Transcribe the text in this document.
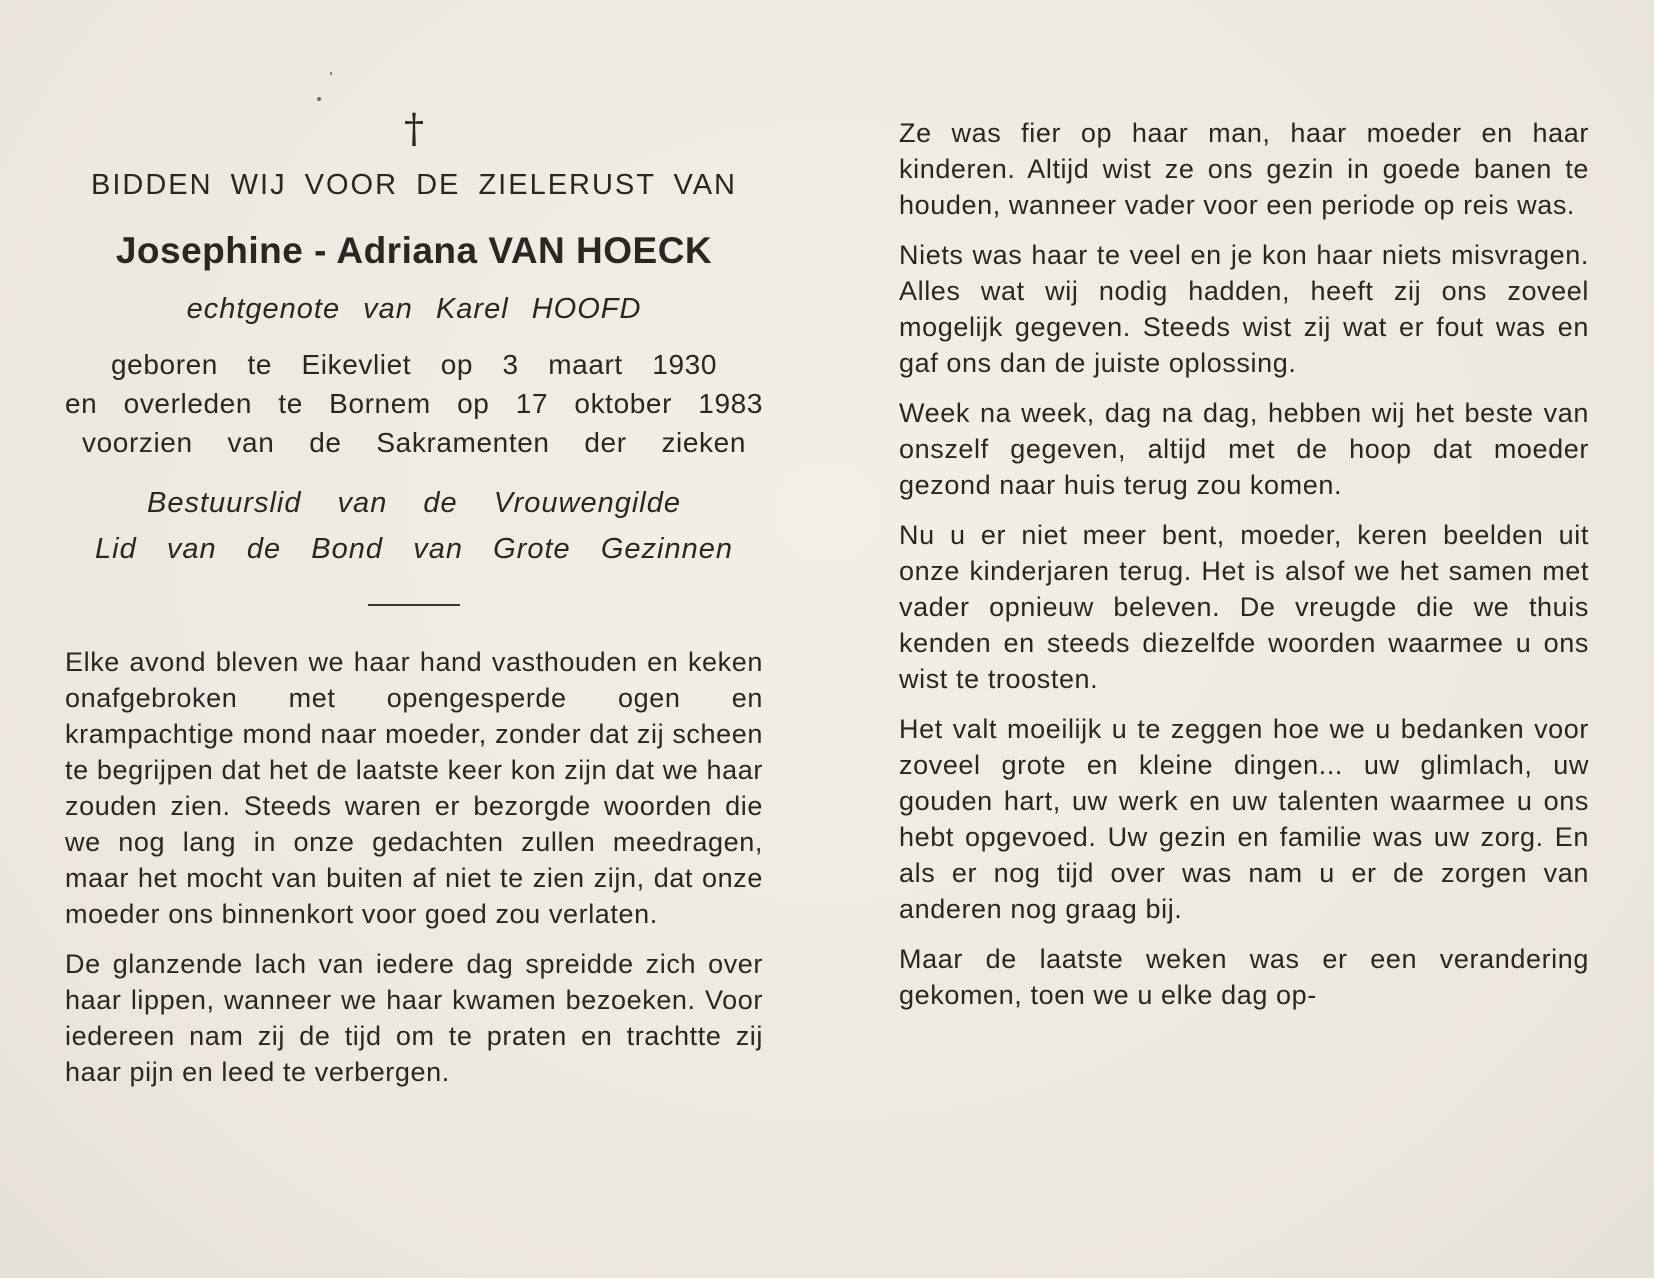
†
BIDDEN WIJ VOOR DE ZIELERUST VAN
Josephine - Adriana VAN HOECK
echtgenote van Karel HOOFD

geboren te Eikevliet op 3 maart 1930

en overleden te Bornem op 17 oktober 1983

voorzien van de Sakramenten der zieken

Bestuurslid van de Vrouwengilde

Lid van de Bond van Grote Gezinnen

Elke avond bleven we haar hand vasthouden en keken onafgebroken met opengesperde ogen en krampachtige mond naar moeder, zonder dat zij scheen te begrijpen dat het de laatste keer kon zijn dat we haar zouden zien. Steeds waren er bezorgde woorden die we nog lang in onze gedachten zullen meedragen, maar het mocht van buiten af niet te zien zijn, dat onze moeder ons binnenkort voor goed zou verlaten.

De glanzende lach van iedere dag spreidde zich over haar lippen, wanneer we haar kwamen bezoeken. Voor iedereen nam zij de tijd om te praten en trachtte zij haar pijn en leed te verbergen.

Ze was fier op haar man, haar moeder en haar kinderen. Altijd wist ze ons gezin in goede banen te houden, wanneer vader voor een periode op reis was.

Niets was haar te veel en je kon haar niets misvragen. Alles wat wij nodig hadden, heeft zij ons zoveel mogelijk gegeven. Steeds wist zij wat er fout was en gaf ons dan de juiste oplossing.

Week na week, dag na dag, hebben wij het beste van onszelf gegeven, altijd met de hoop dat moeder gezond naar huis terug zou komen.

Nu u er niet meer bent, moeder, keren beelden uit onze kinderjaren terug. Het is alsof we het samen met vader opnieuw beleven. De vreugde die we thuis kenden en steeds diezelfde woorden waarmee u ons wist te troosten.

Het valt moeilijk u te zeggen hoe we u bedanken voor zoveel grote en kleine dingen... uw glimlach, uw gouden hart, uw werk en uw talenten waarmee u ons hebt opgevoed. Uw gezin en familie was uw zorg. En als er nog tijd over was nam u er de zorgen van anderen nog graag bij.

Maar de laatste weken was er een verandering gekomen, toen we u elke dag op-
